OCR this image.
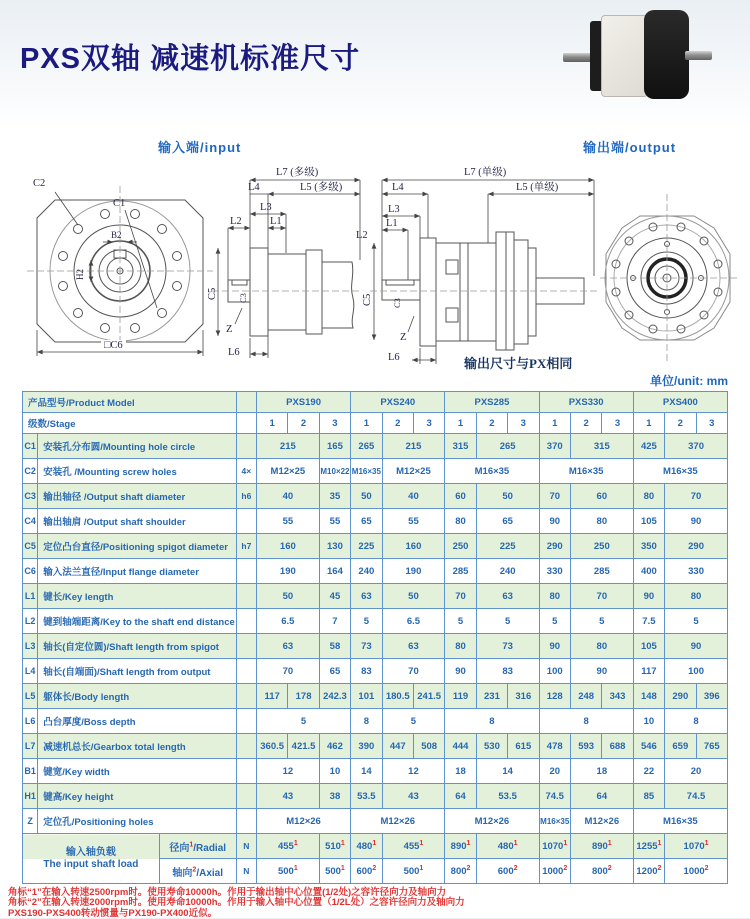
PXS双轴 减速机标准尺寸
输入端/input	输出端/output
C2
C1
B2
H2
□C6
L7 (多级)
L4	L5 (多级)
L3
L2	L1
C5 C3
Z
L6
L7 (单级)
L4	L5 (单级)
L3
L1
L2
C5 C3
Z
L6	输出尺寸与PX相同
单位/unit: mm
产品型号/Product Model				PXS190			PXS240			PXS285			PXS330			PXS400		
级数/Stage				1	2	3	1	2	3	1	2	3	1	2	3	1	2	3
C1	安装孔分布圆/Mounting hole circle			215		165	265	215		315	265		370	315		425	370	
C2	安装孔 /Mounting screw holes		4×	M12×25		M10×22	M16×35	M12×25		M16×35			M16×35			M16×35		
C3	输出轴径 /Output shaft diameter		h6	40		35	50	40		60	50		70	60		80	70	
C4	输出轴肩 /Output shaft shoulder			55		55	65	55		80	65		90	80		105	90	
C5	定位凸台直径/Positioning spigot diameter		h7	160		130	225	160		250	225		290	250		350	290	
C6	输入法兰直径/Input flange diameter			190		164	240	190		285	240		330	285		400	330	
L1	键长/Key length			50		45	63	50		70	63		80	70		90	80	
L2	键到轴端距离/Key to the shaft end distance			6.5		7	5	6.5		5	5		5	5		7.5	5	
L3	轴长(自定位圆)/Shaft length from spigot			63		58	73	63		80	73		90	80		105	90	
L4	轴长(自端面)/Shaft length from output			70		65	83	70		90	83		100	90		117	100	
L5	躯体长/Body length			117	178	242.3	101	180.5	241.5	119	231	316	128	248	343	148	290	396
L6	凸台厚度/Boss depth			5			8	5		8			8			10	8	
L7	减速机总长/Gearbox total length			360.5	421.5	462	390	447	508	444	530	615	478	593	688	546	659	765
B1	键宽/Key width			12		10	14	12		18	14		20	18		22	20	
H1	键高/Key height			43		38	53.5	43		64	53.5		74.5	64		85	74.5	
Z	定位孔/Positioning holes			M12×26			M12×26			M12×26			M16×35	M12×26		M16×35		

输入轴负载
The input shaft load		径向$^1$/Radial	N	$455^1$		$510^1$	$480^1$	$455^1$		$890^1$	$480^1$		1070$^1$	$890^1$		1255$^1$	1070$^1$
		轴向$^2$/Axial	N	$500^1$		$500^1$	$600^2$	$500^1$		$800^2$	$600^2$		1000$^2$	$800^2$		1200$^2$	1000$^2$
角标“1”在输入转速2500rpm时。使用寿命10000h。作用于输出轴中心位置(1/2处)之容许径向力及轴向力
角标“2”在输入转速2000rpm时。使用寿命10000h。作用于输入轴中心位置（1/2L处）之容许径向力及轴向力
PXS190-PXS400转动惯量与PX190-PX400近似。
